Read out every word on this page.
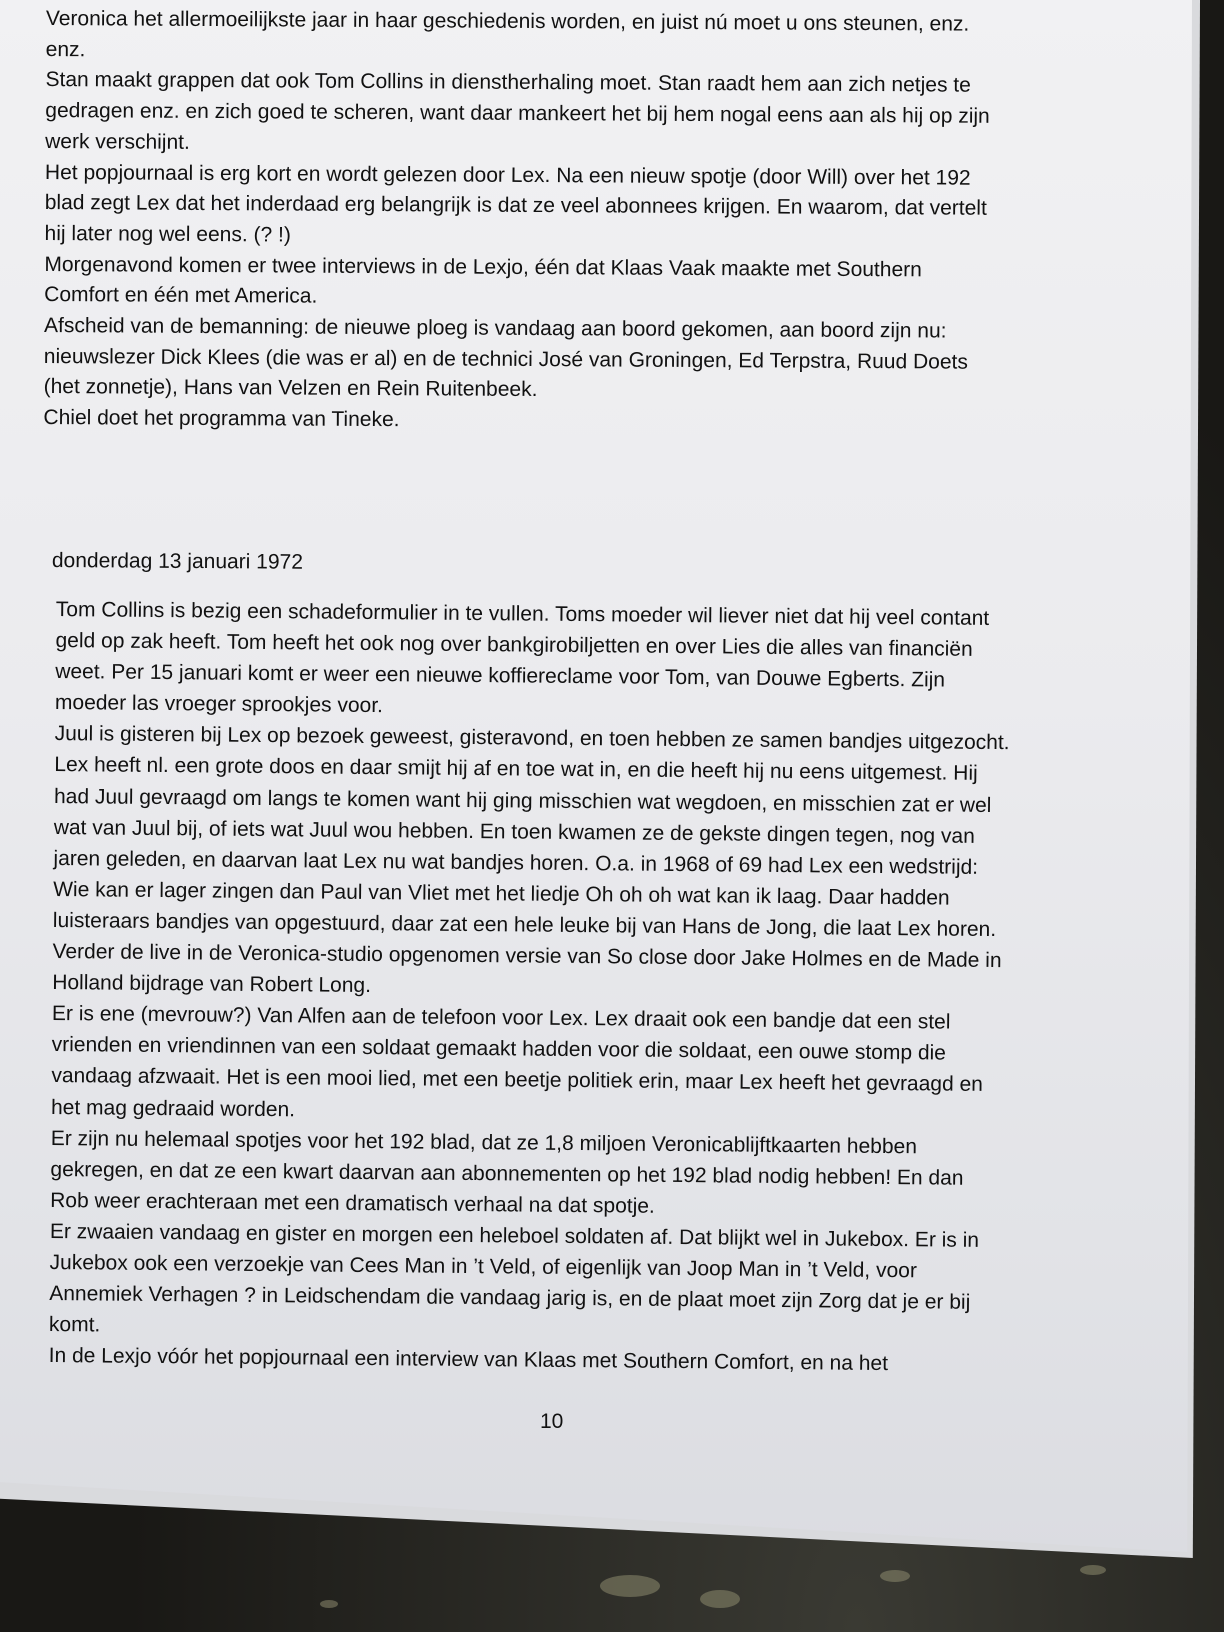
Veronica het allermoeilijkste jaar in haar geschiedenis worden, en juist nú moet u ons steunen, enz.
enz.
Stan maakt grappen dat ook Tom Collins in dienstherhaling moet. Stan raadt hem aan zich netjes te
gedragen enz. en zich goed te scheren, want daar mankeert het bij hem nogal eens aan als hij op zijn
werk verschijnt.
Het popjournaal is erg kort en wordt gelezen door Lex. Na een nieuw spotje (door Will) over het 192
blad zegt Lex dat het inderdaad erg belangrijk is dat ze veel abonnees krijgen. En waarom, dat vertelt
hij later nog wel eens. (? !)
Morgenavond komen er twee interviews in de Lexjo, één dat Klaas Vaak maakte met Southern
Comfort en één met America.
Afscheid van de bemanning: de nieuwe ploeg is vandaag aan boord gekomen, aan boord zijn nu:
nieuwslezer Dick Klees (die was er al) en de technici José van Groningen, Ed Terpstra, Ruud Doets
(het zonnetje), Hans van Velzen en Rein Ruitenbeek.
Chiel doet het programma van Tineke.
donderdag 13 januari 1972
Tom Collins is bezig een schadeformulier in te vullen. Toms moeder wil liever niet dat hij veel contant
geld op zak heeft. Tom heeft het ook nog over bankgirobiljetten en over Lies die alles van financiën
weet. Per 15 januari komt er weer een nieuwe koffiereclame voor Tom, van Douwe Egberts. Zijn
moeder las vroeger sprookjes voor.
Juul is gisteren bij Lex op bezoek geweest, gisteravond, en toen hebben ze samen bandjes uitgezocht.
Lex heeft nl. een grote doos en daar smijt hij af en toe wat in, en die heeft hij nu eens uitgemest. Hij
had Juul gevraagd om langs te komen want hij ging misschien wat wegdoen, en misschien zat er wel
wat van Juul bij, of iets wat Juul wou hebben. En toen kwamen ze de gekste dingen tegen, nog van
jaren geleden, en daarvan laat Lex nu wat bandjes horen. O.a. in 1968 of 69 had Lex een wedstrijd:
Wie kan er lager zingen dan Paul van Vliet met het liedje Oh oh oh wat kan ik laag. Daar hadden
luisteraars bandjes van opgestuurd, daar zat een hele leuke bij van Hans de Jong, die laat Lex horen.
Verder de live in de Veronica-studio opgenomen versie van So close door Jake Holmes en de Made in
Holland bijdrage van Robert Long.
Er is ene (mevrouw?) Van Alfen aan de telefoon voor Lex. Lex draait ook een bandje dat een stel
vrienden en vriendinnen van een soldaat gemaakt hadden voor die soldaat, een ouwe stomp die
vandaag afzwaait. Het is een mooi lied, met een beetje politiek erin, maar Lex heeft het gevraagd en
het mag gedraaid worden.
Er zijn nu helemaal spotjes voor het 192 blad, dat ze 1,8 miljoen Veronicablijftkaarten hebben
gekregen, en dat ze een kwart daarvan aan abonnementen op het 192 blad nodig hebben! En dan
Rob weer erachteraan met een dramatisch verhaal na dat spotje.
Er zwaaien vandaag en gister en morgen een heleboel soldaten af. Dat blijkt wel in Jukebox. Er is in
Jukebox ook een verzoekje van Cees Man in ’t Veld, of eigenlijk van Joop Man in ’t Veld, voor
Annemiek Verhagen ? in Leidschendam die vandaag jarig is, en de plaat moet zijn Zorg dat je er bij
komt.
In de Lexjo vóór het popjournaal een interview van Klaas met Southern Comfort, en na het
10
